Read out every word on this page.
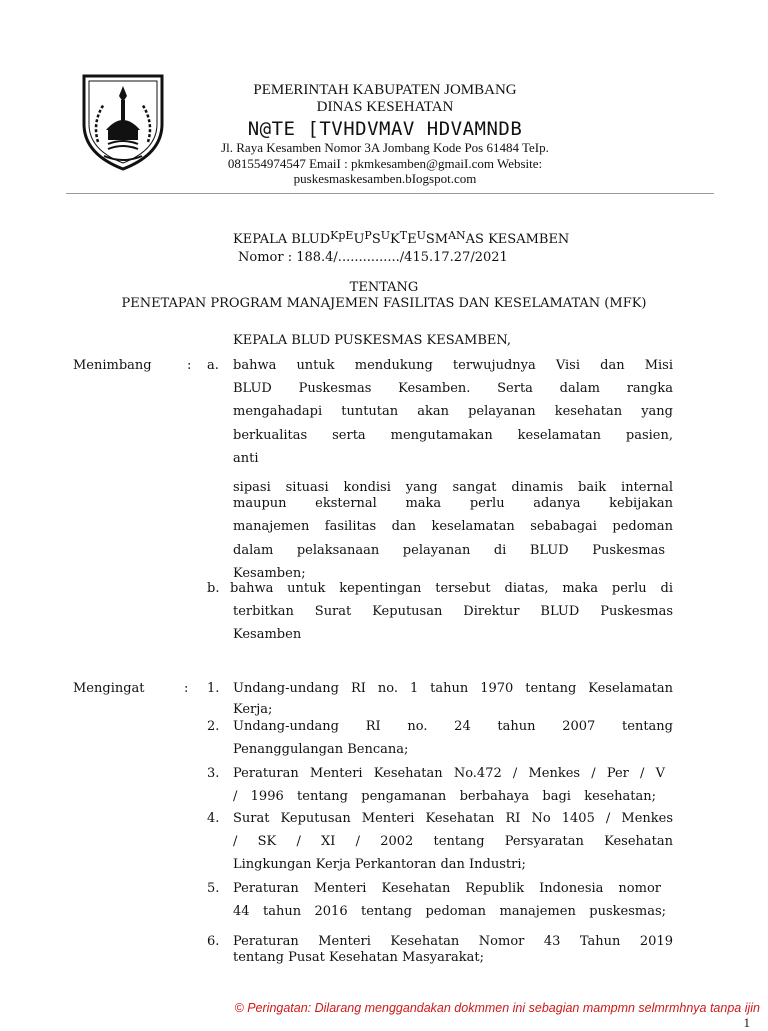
PEMERINTAH KABUPATEN JOMBANG
DINAS KESEHATAN
N@TE [TVHDVMAV HDVAMNDB
Jl. Raya Kesamben Nomor 3A Jombang Kode Pos 61484 TeIp.
081554974547 EmaiI : pkmkesamben@gmaiI.com Website:
puskesmaskesamben.bIogspot.com
KEPALA $BLUD^{KpE}U^PS^UK^TE^USM^{AN}AS$ KESAMBEN
Nomor : 188.4/.............../415.17.27/2021
TENTANG
PENETAPAN PROGRAM MANAJEMEN FASILITAS DAN KESELAMATAN (MFK)
KEPALA BLUD PUSKESMAS KESAMBEN,
Menimbang	: a. bahwa untuk mendukung terwujudnya Visi dan Misi
BLUD Puskesmas Kesamben. Serta dalam rangka
mengahadapi tuntutan akan pelayanan kesehatan yang
berkualitas serta mengutamakan keselamatan pasien,
anti
sipasi situasi kondisi yang sangat dinamis baik internal
maupun eksternal maka perlu adanya kebijakan
manajemen fasilitas dan keselamatan sebabagai pedoman
dalam pelaksanaan pelayanan di BLUD Puskesmas
Kesamben;
b. bahwa untuk kepentingan tersebut diatas, maka perlu di
terbitkan Surat Keputusan Direktur BLUD Puskesmas
Kesamben
Mengingat	: 1. Undang-undang RI no. 1 tahun 1970 tentang Keselamatan
Kerja;
2. Undang-undang RI no. 24 tahun 2007 tentang
Penanggulangan Bencana;
3. Peraturan Menteri Kesehatan No.472 / Menkes / Per / V
/ 1996 tentang pengamanan berbahaya bagi kesehatan;
4. Surat Keputusan Menteri Kesehatan RI No 1405 / Menkes
/ SK / XI / 2002 tentang Persyaratan Kesehatan
Lingkungan Kerja Perkantoran dan Industri;
5. Peraturan Menteri Kesehatan Republik Indonesia nomor
44 tahun 2016 tentang pedoman manajemen puskesmas;
6. Peraturan Menteri Kesehatan Nomor 43 Tahun 2019
tentang Pusat Kesehatan Masyarakat;
© Peringatan: Dilarang menggandakan dokmmen ini sebagian mampmn selmrmhnya tanpa ijin
1
